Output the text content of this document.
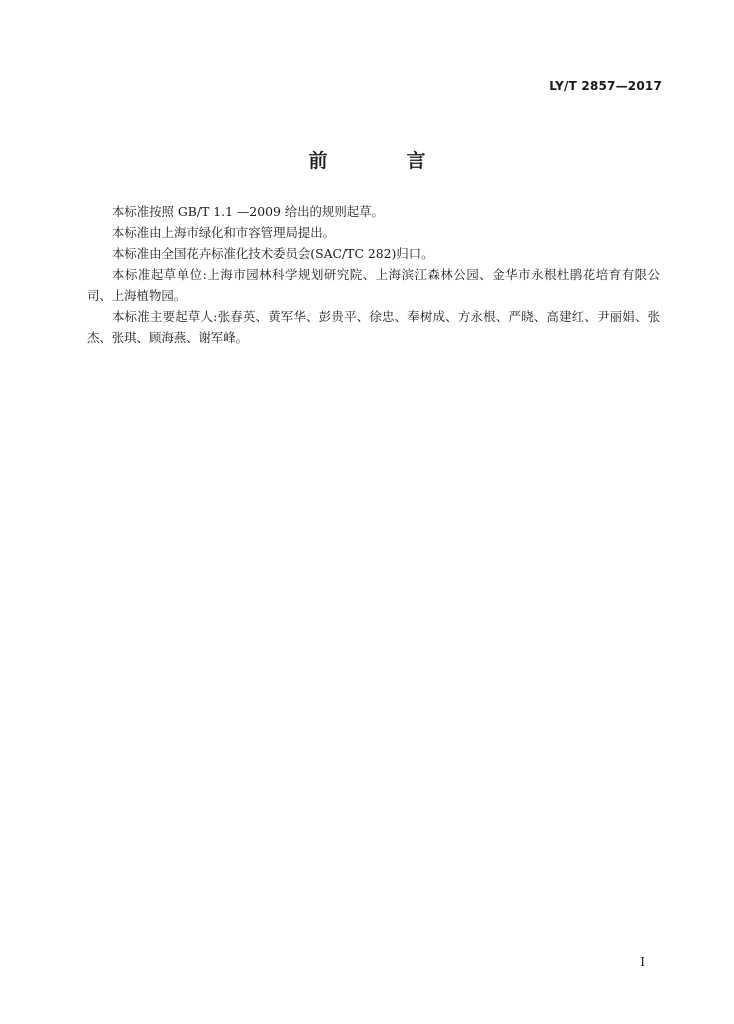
LY/T 2857—2017
前　言

本标准按照 GB/T 1.1 —2009 给出的规则起草。

本标准由上海市绿化和市容管理局提出。

本标准由全国花卉标准化技术委员会(SAC/TC 282)归口。

本标准起草单位:上海市园林科学规划研究院、上海滨江森林公园、金华市永根杜鹃花培育有限公司、上海植物园。

本标准主要起草人:张春英、黄军华、彭贵平、徐忠、奉树成、方永根、严晓、高建红、尹丽娟、张杰、张琪、顾海燕、谢军峰。

I
